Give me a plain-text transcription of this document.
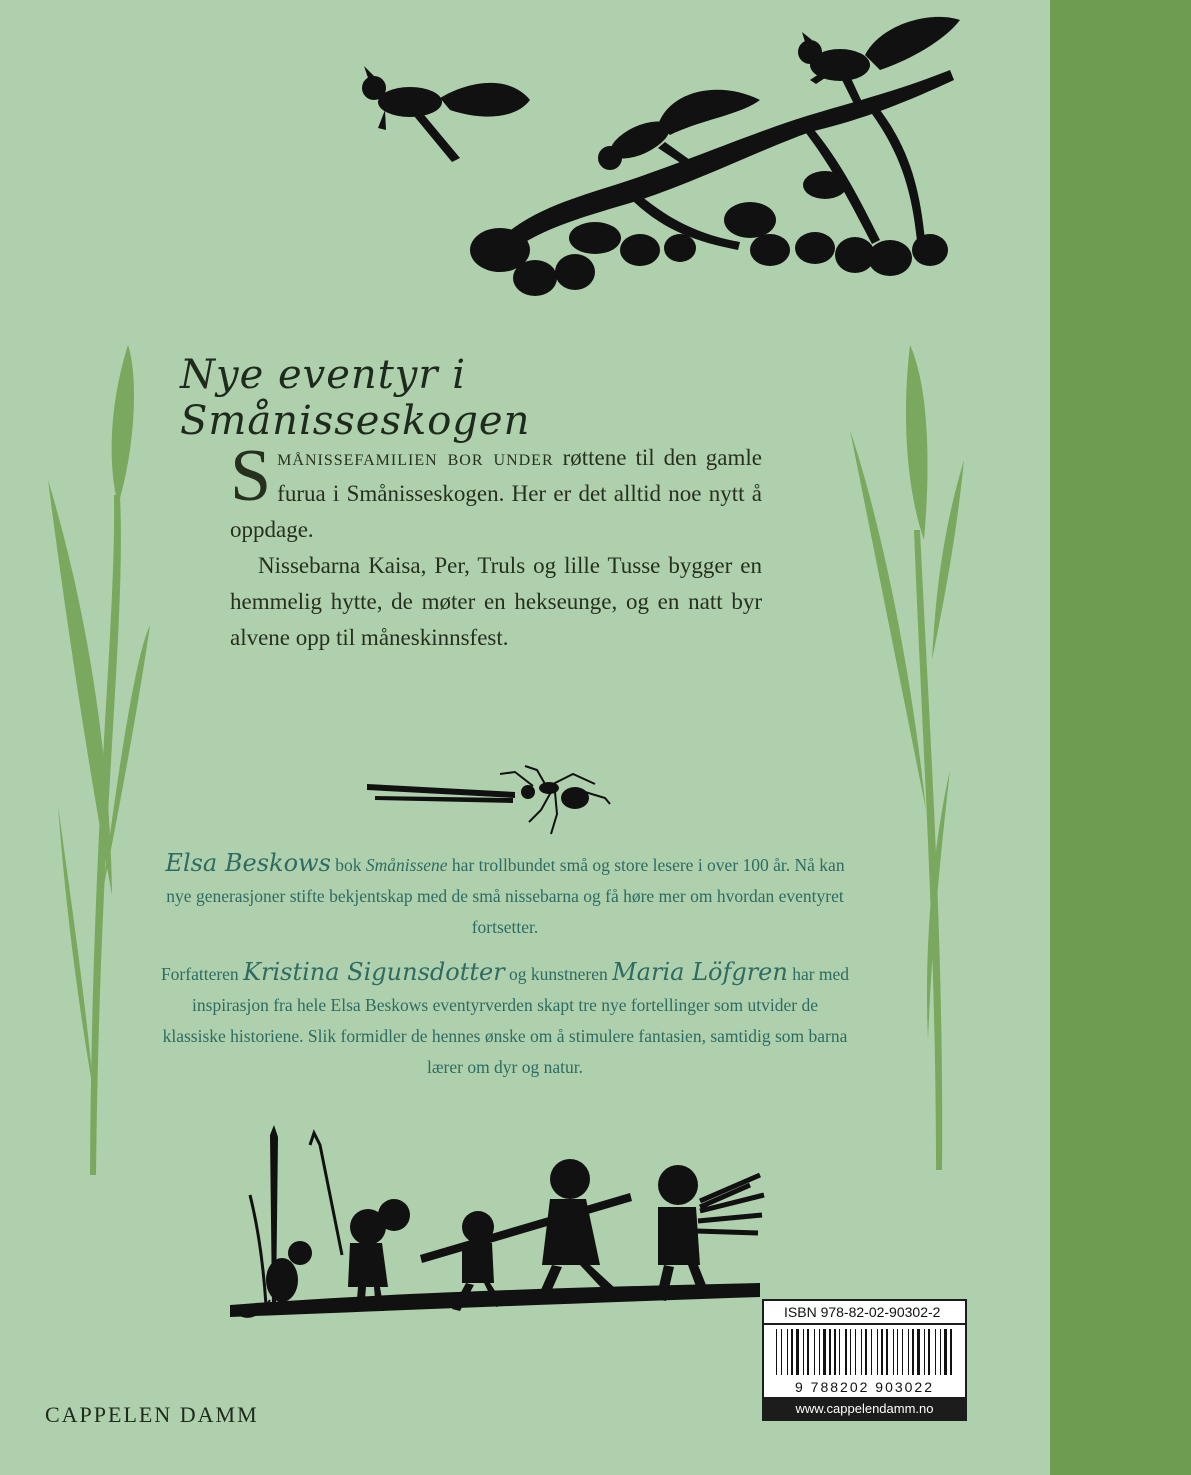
Nye eventyr i Smånisseskogen

Smånissefamilien bor under røttene til den gamle furua i Smånisseskogen. Her er det alltid noe nytt å oppdage.

Nissebarna Kaisa, Per, Truls og lille Tusse bygger en hemmelig hytte, de møter en hekseunge, og en natt byr alvene opp til måneskinnsfest.

Elsa Beskows bok Smånissene har trollbundet små og store lesere i over 100 år. Nå kan nye generasjoner stifte bekjentskap med de små nissebarna og få høre mer om hvordan eventyret fortsetter.

Forfatteren Kristina Sigunsdotter og kunstneren Maria Löfgren har med inspirasjon fra hele Elsa Beskows eventyrverden skapt tre nye fortellinger som utvider de klassiske historiene. Slik formidler de hennes ønske om å stimulere fantasien, samtidig som barna lærer om dyr og natur.

CAPPELEN DAMM
ISBN 978-82-02-90302-2
9 788202 903022
www.cappelendamm.no
